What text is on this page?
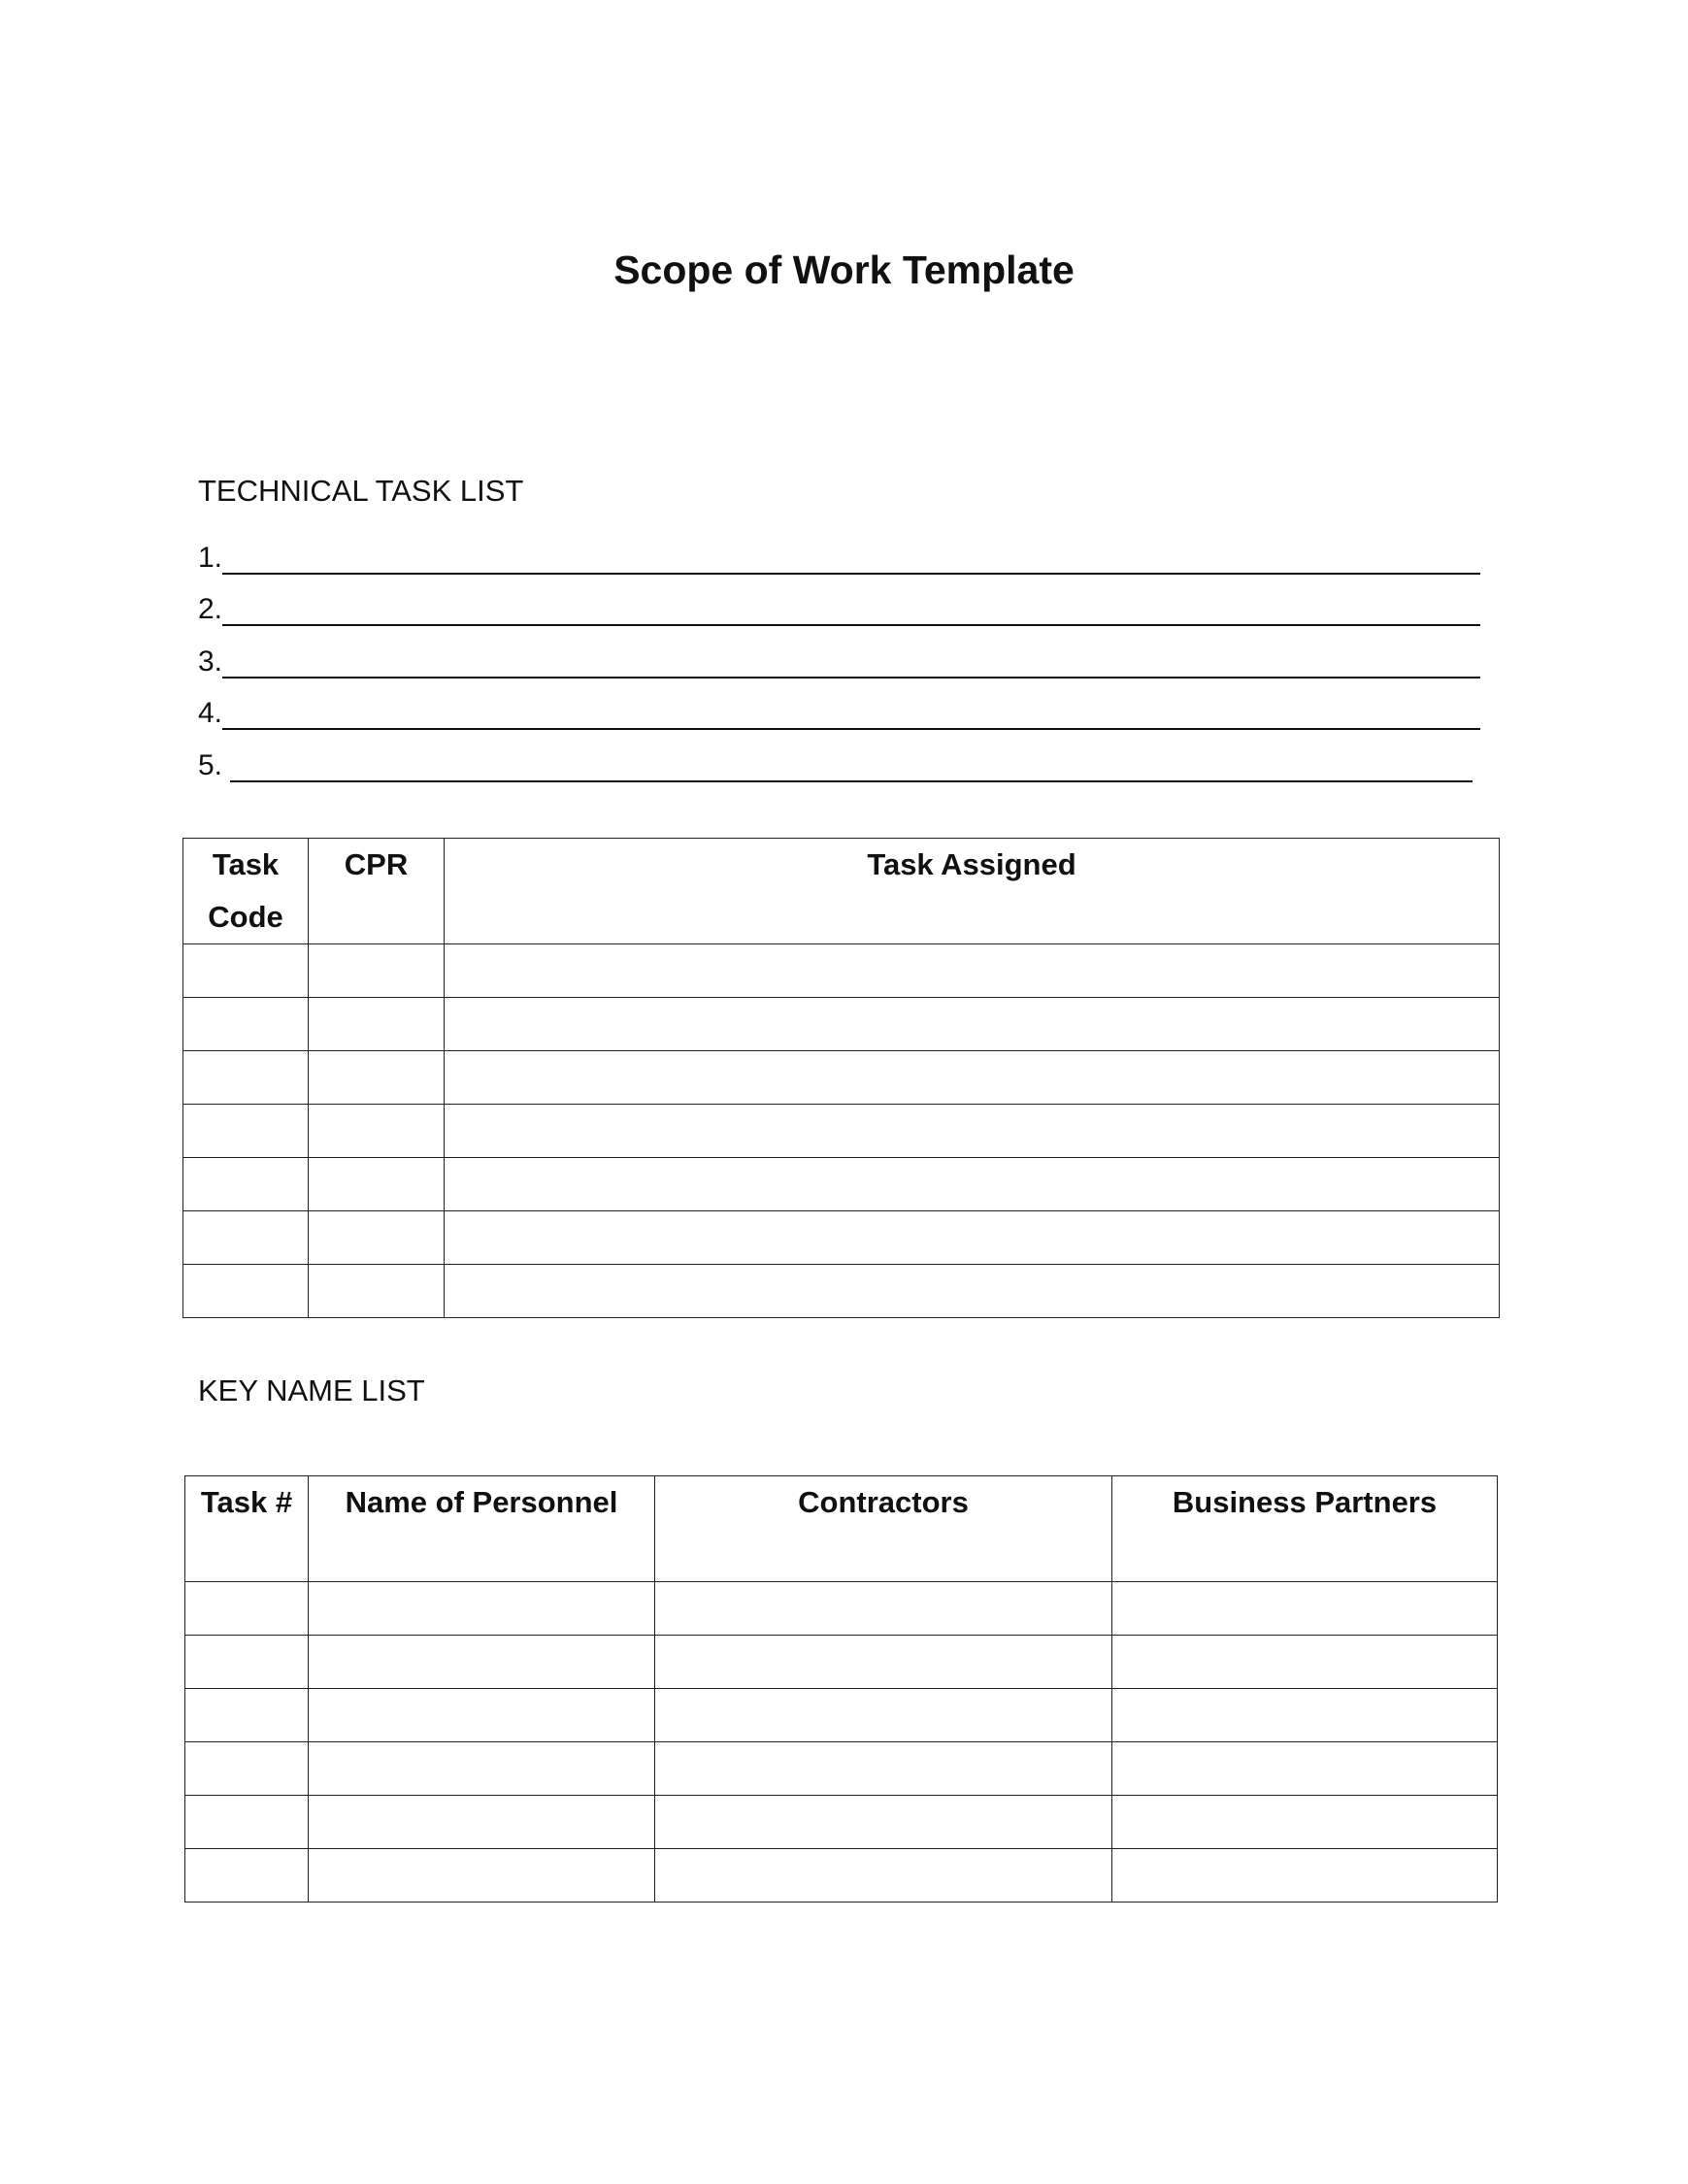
Scope of Work Template
TECHNICAL TASK LIST
1.
2.
3.
4.
5.
Task Code	CPR	Task Assigned

KEY NAME LIST
Task #	Name of Personnel	Contractors	Business Partners
